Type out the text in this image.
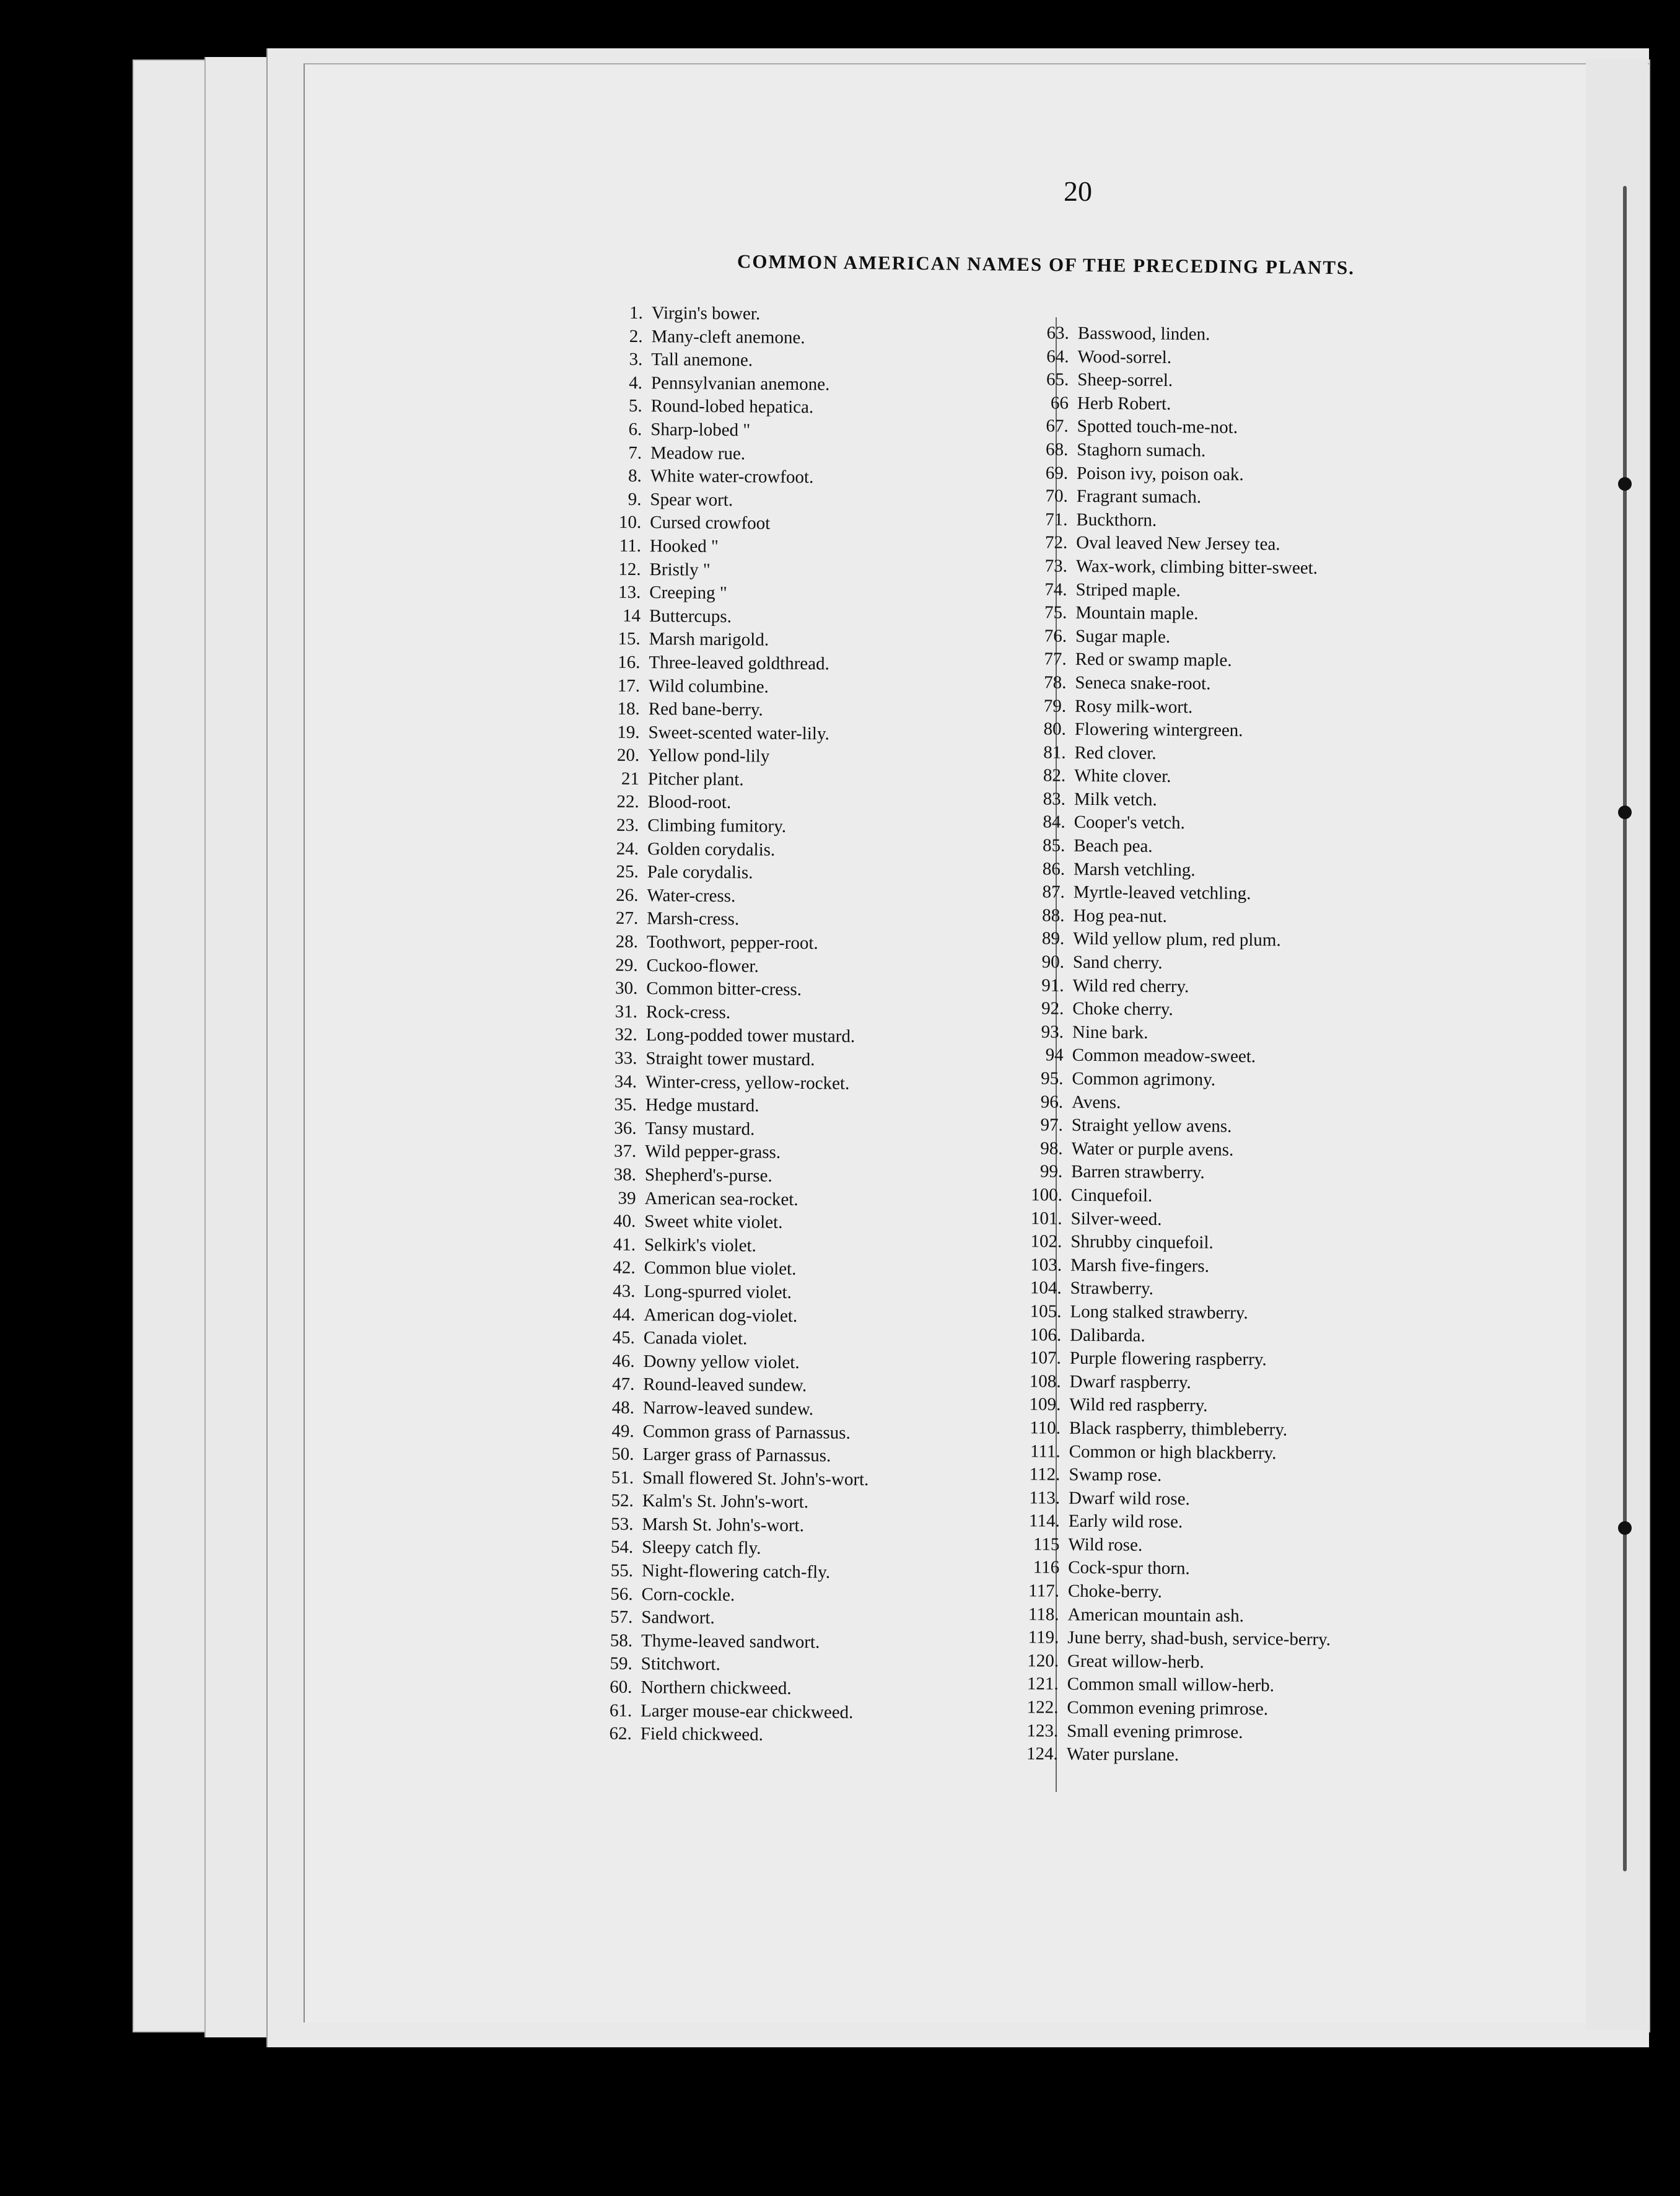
20
COMMON AMERICAN NAMES OF THE PRECEDING PLANTS.
1. Virgin's bower.
2. Many-cleft anemone.
3. Tall anemone.
4. Pennsylvanian anemone.
5. Round-lobed hepatica.
6. Sharp-lobed "
7. Meadow rue.
8. White water-crowfoot.
9. Spear wort.
10. Cursed crowfoot
11. Hooked "
12. Bristly "
13. Creeping "
14 Buttercups.
15. Marsh marigold.
16. Three-leaved goldthread.
17. Wild columbine.
18. Red bane-berry.
19. Sweet-scented water-lily.
20. Yellow pond-lily
21 Pitcher plant.
22. Blood-root.
23. Climbing fumitory.
24. Golden corydalis.
25. Pale corydalis.
26. Water-cress.
27. Marsh-cress.
28. Toothwort, pepper-root.
29. Cuckoo-flower.
30. Common bitter-cress.
31. Rock-cress.
32. Long-podded tower mustard.
33. Straight tower mustard.
34. Winter-cress, yellow-rocket.
35. Hedge mustard.
36. Tansy mustard.
37. Wild pepper-grass.
38. Shepherd's-purse.
39 American sea-rocket.
40. Sweet white violet.
41. Selkirk's violet.
42. Common blue violet.
43. Long-spurred violet.
44. American dog-violet.
45. Canada violet.
46. Downy yellow violet.
47. Round-leaved sundew.
48. Narrow-leaved sundew.
49. Common grass of Parnassus.
50. Larger grass of Parnassus.
51. Small flowered St. John's-wort.
52. Kalm's St. John's-wort.
53. Marsh St. John's-wort.
54. Sleepy catch fly.
55. Night-flowering catch-fly.
56. Corn-cockle.
57. Sandwort.
58. Thyme-leaved sandwort.
59. Stitchwort.
60. Northern chickweed.
61. Larger mouse-ear chickweed.
62. Field chickweed.
63. Basswood, linden.
64. Wood-sorrel.
65. Sheep-sorrel.
66 Herb Robert.
67. Spotted touch-me-not.
68. Staghorn sumach.
69. Poison ivy, poison oak.
70. Fragrant sumach.
71. Buckthorn.
72. Oval leaved New Jersey tea.
73. Wax-work, climbing bitter-sweet.
74. Striped maple.
75. Mountain maple.
76. Sugar maple.
77. Red or swamp maple.
78. Seneca snake-root.
79. Rosy milk-wort.
80. Flowering wintergreen.
81. Red clover.
82. White clover.
83. Milk vetch.
84. Cooper's vetch.
85. Beach pea.
86. Marsh vetchling.
87. Myrtle-leaved vetchling.
88. Hog pea-nut.
89. Wild yellow plum, red plum.
90. Sand cherry.
91. Wild red cherry.
92. Choke cherry.
93. Nine bark.
94 Common meadow-sweet.
95. Common agrimony.
96. Avens.
97. Straight yellow avens.
98. Water or purple avens.
99. Barren strawberry.
100. Cinquefoil.
101. Silver-weed.
102. Shrubby cinquefoil.
103. Marsh five-fingers.
104. Strawberry.
105. Long stalked strawberry.
106. Dalibarda.
107. Purple flowering raspberry.
108. Dwarf raspberry.
109. Wild red raspberry.
110. Black raspberry, thimbleberry.
111. Common or high blackberry.
112. Swamp rose.
113. Dwarf wild rose.
114. Early wild rose.
115 Wild rose.
116 Cock-spur thorn.
117. Choke-berry.
118. American mountain ash.
119. June berry, shad-bush, service-berry.
120. Great willow-herb.
121. Common small willow-herb.
122. Common evening primrose.
123. Small evening primrose.
124. Water purslane.
